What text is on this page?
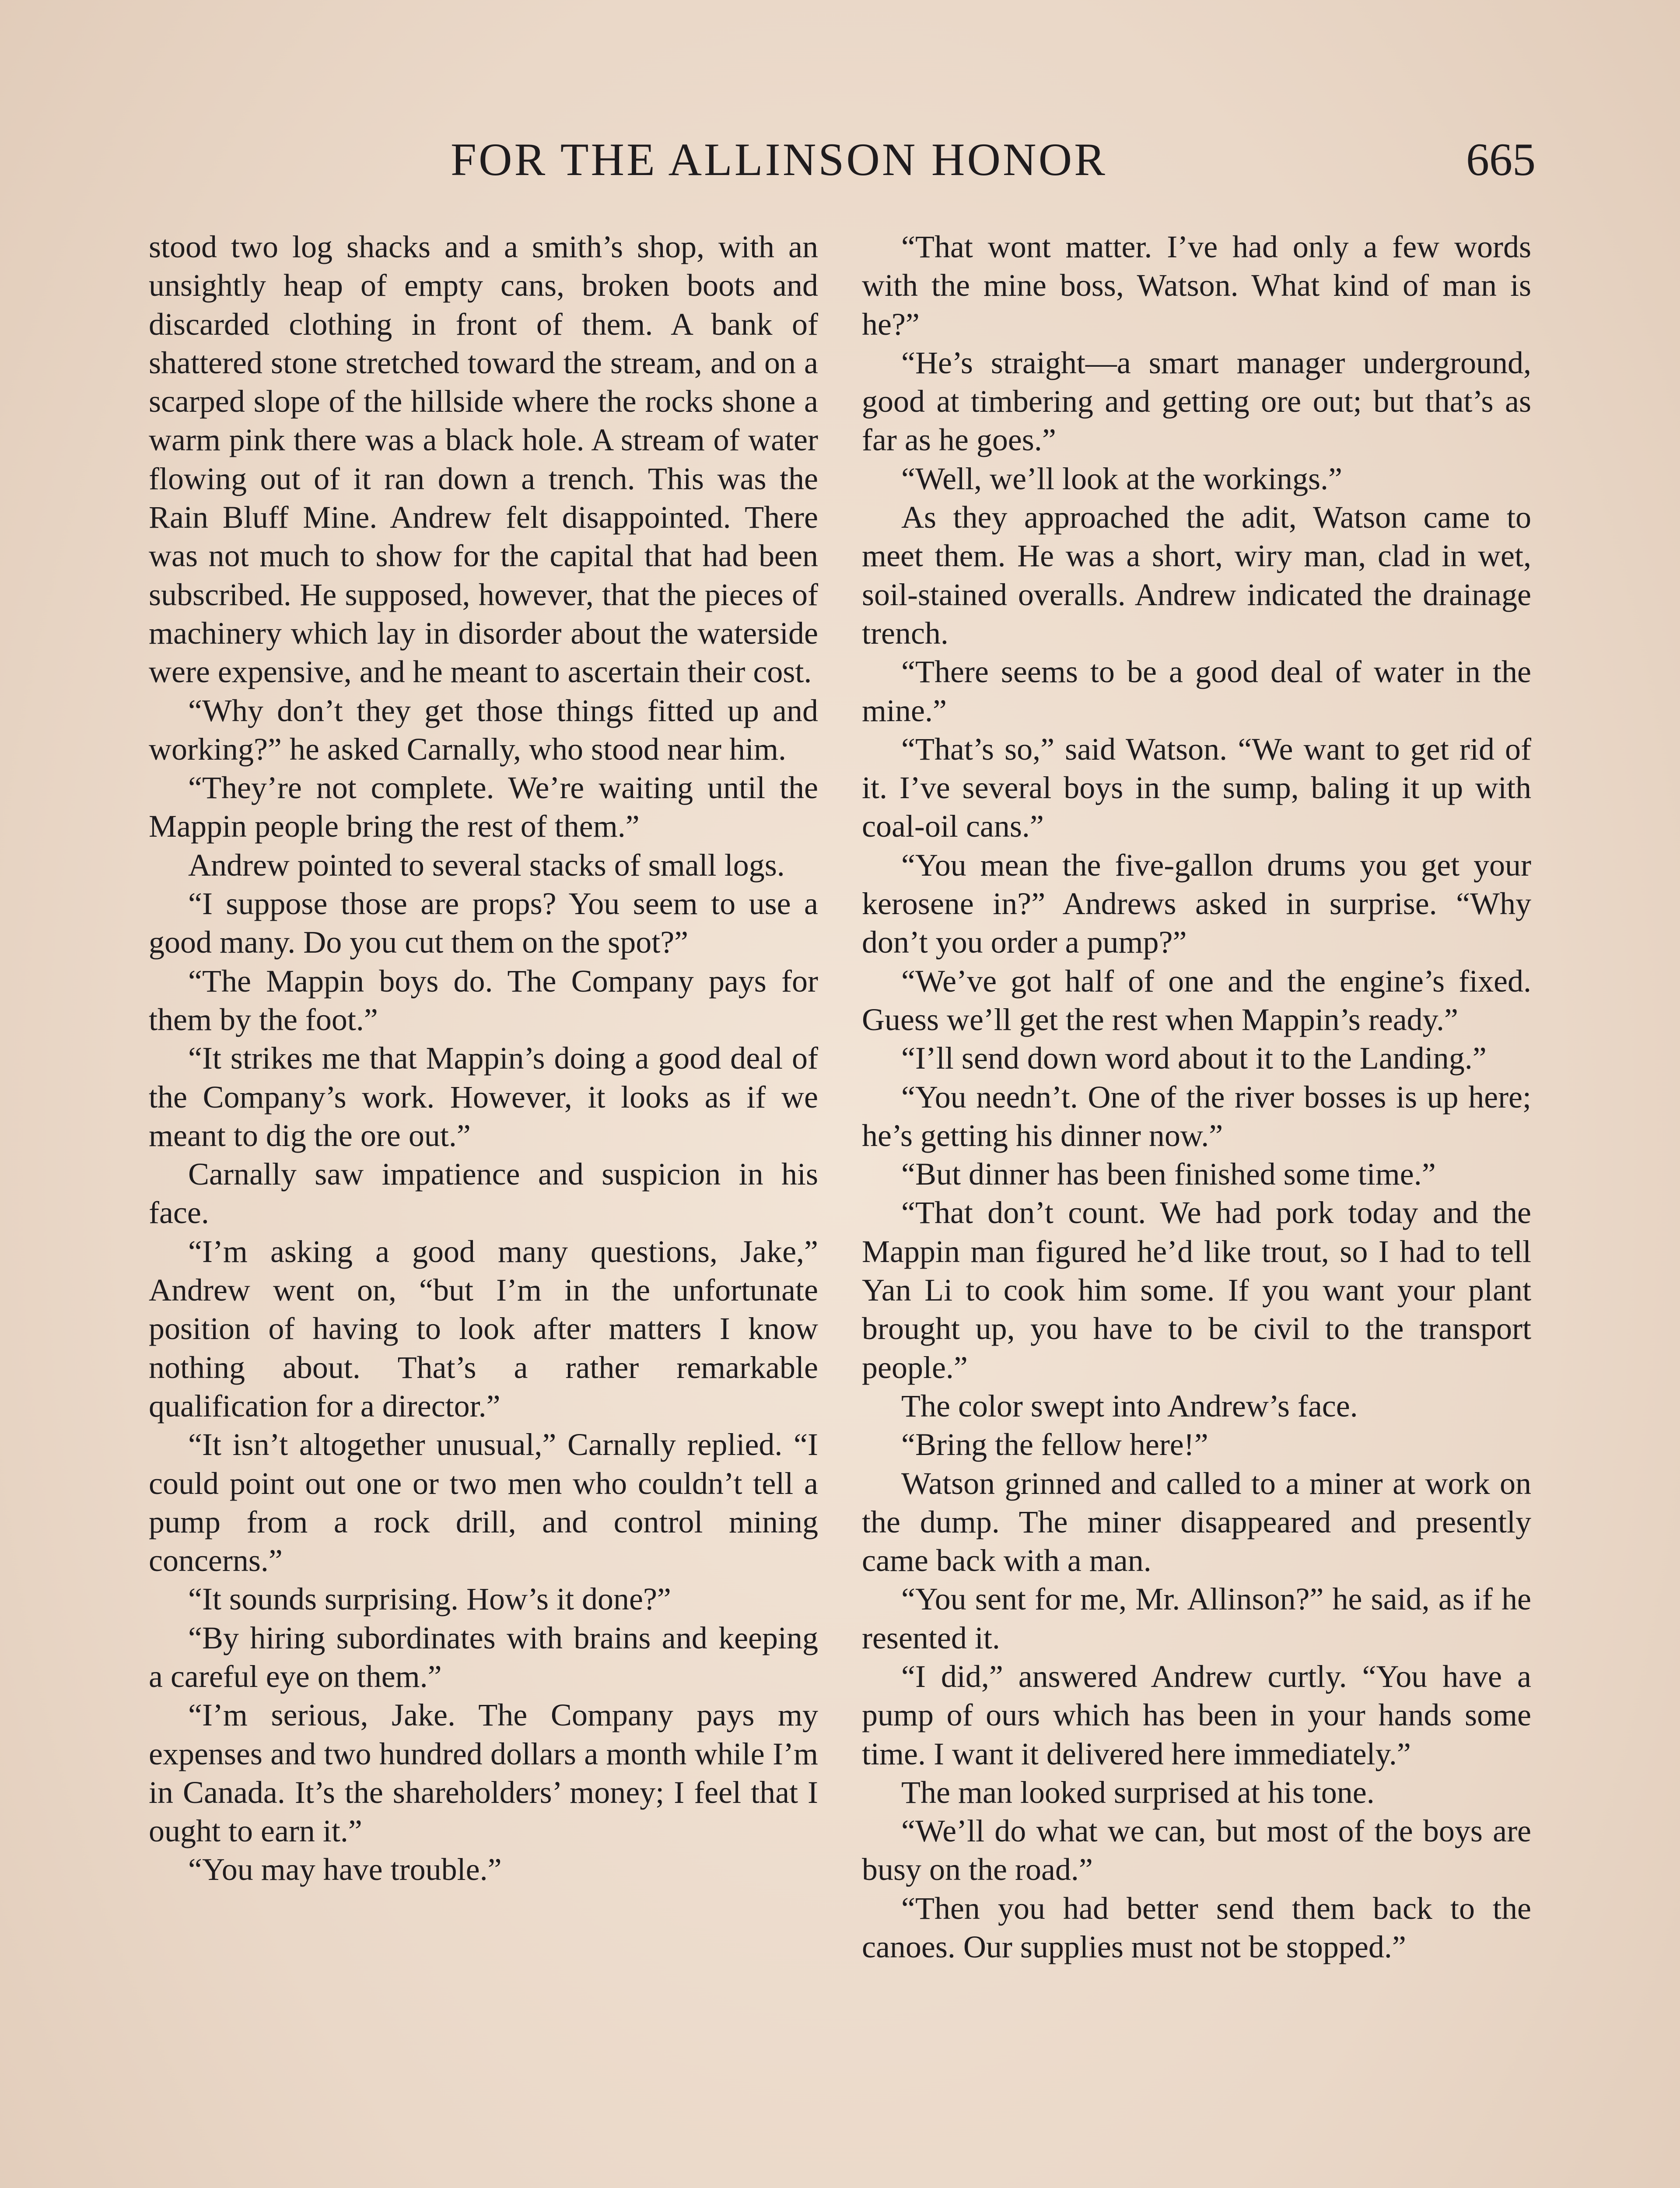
FOR THE ALLINSON HONOR	665

stood two log shacks and a smith’s shop, with an unsightly heap of empty cans, broken boots and discarded clothing in front of them. A bank of shattered stone stretched toward the stream, and on a scarped slope of the hillside where the rocks shone a warm pink there was a black hole. A stream of water flowing out of it ran down a trench. This was the Rain Bluff Mine. Andrew felt disappointed. There was not much to show for the capital that had been subscribed. He supposed, however, that the pieces of machinery which lay in disorder about the waterside were expensive, and he meant to ascertain their cost.

“Why don’t they get those things fitted up and working?” he asked Carnally, who stood near him.

“They’re not complete. We’re waiting until the Mappin people bring the rest of them.”

Andrew pointed to several stacks of small logs.

“I suppose those are props? You seem to use a good many. Do you cut them on the spot?”

“The Mappin boys do. The Company pays for them by the foot.”

“It strikes me that Mappin’s doing a good deal of the Company’s work. However, it looks as if we meant to dig the ore out.”

Carnally saw impatience and suspicion in his face.

“I’m asking a good many questions, Jake,” Andrew went on, “but I’m in the unfortunate position of having to look after matters I know nothing about. That’s a rather remarkable qualification for a director.”

“It isn’t altogether unusual,” Carnally replied. “I could point out one or two men who couldn’t tell a pump from a rock drill, and control mining concerns.”

“It sounds surprising. How’s it done?”

“By hiring subordinates with brains and keeping a careful eye on them.”

“I’m serious, Jake. The Company pays my expenses and two hundred dollars a month while I’m in Canada. It’s the shareholders’ money; I feel that I ought to earn it.”

“You may have trouble.”

“That wont matter. I’ve had only a few words with the mine boss, Watson. What kind of man is he?”

“He’s straight—a smart manager underground, good at timbering and getting ore out; but that’s as far as he goes.”

“Well, we’ll look at the workings.”

As they approached the adit, Watson came to meet them. He was a short, wiry man, clad in wet, soil-stained overalls. Andrew indicated the drainage trench.

“There seems to be a good deal of water in the mine.”

“That’s so,” said Watson. “We want to get rid of it. I’ve several boys in the sump, baling it up with coal-oil cans.”

“You mean the five-gallon drums you get your kerosene in?” Andrews asked in surprise. “Why don’t you order a pump?”

“We’ve got half of one and the engine’s fixed. Guess we’ll get the rest when Mappin’s ready.”

“I’ll send down word about it to the Landing.”

“You needn’t. One of the river bosses is up here; he’s getting his dinner now.”

“But dinner has been finished some time.”

“That don’t count. We had pork today and the Mappin man figured he’d like trout, so I had to tell Yan Li to cook him some. If you want your plant brought up, you have to be civil to the transport people.”

The color swept into Andrew’s face.

“Bring the fellow here!”

Watson grinned and called to a miner at work on the dump. The miner disappeared and presently came back with a man.

“You sent for me, Mr. Allinson?” he said, as if he resented it.

“I did,” answered Andrew curtly. “You have a pump of ours which has been in your hands some time. I want it delivered here immediately.”

The man looked surprised at his tone.

“We’ll do what we can, but most of the boys are busy on the road.”

“Then you had better send them back to the canoes. Our supplies must not be stopped.”
